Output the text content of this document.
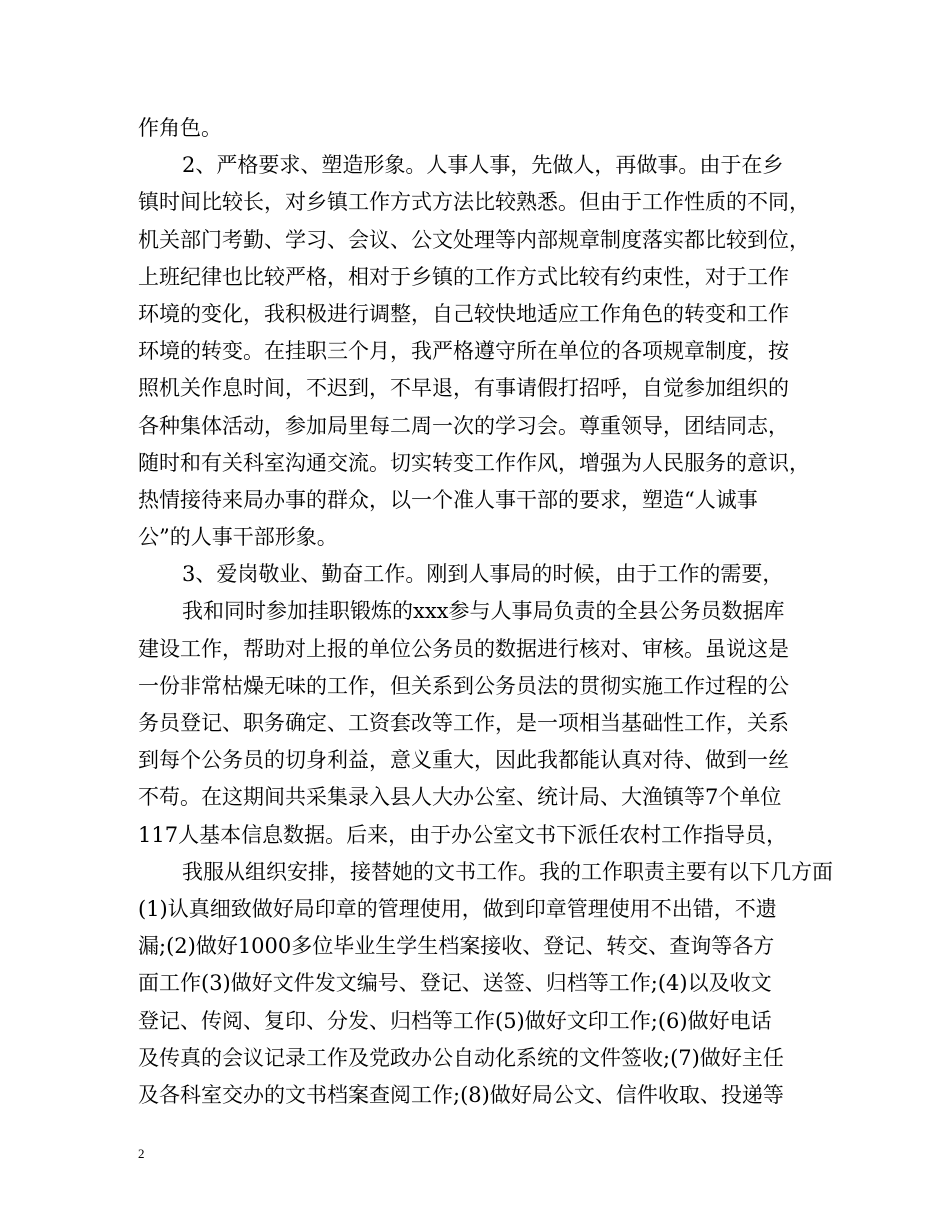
作角色。
2、严格要求、塑造形象。人事人事，先做人，再做事。由于在乡
镇时间比较长，对乡镇工作方式方法比较熟悉。但由于工作性质的不同，
机关部门考勤、学习、会议、公文处理等内部规章制度落实都比较到位，
上班纪律也比较严格，相对于乡镇的工作方式比较有约束性，对于工作
环境的变化，我积极进行调整，自己较快地适应工作角色的转变和工作
环境的转变。在挂职三个月，我严格遵守所在单位的各项规章制度，按
照机关作息时间，不迟到，不早退，有事请假打招呼，自觉参加组织的
各种集体活动，参加局里每二周一次的学习会。尊重领导，团结同志，
随时和有关科室沟通交流。切实转变工作作风，增强为人民服务的意识，
热情接待来局办事的群众，以一个准人事干部的要求，塑造“人诚事
公”的人事干部形象。
3、爱岗敬业、勤奋工作。刚到人事局的时候，由于工作的需要，
我和同时参加挂职锻炼的xxx参与人事局负责的全县公务员数据库
建设工作，帮助对上报的单位公务员的数据进行核对、审核。虽说这是
一份非常枯燥无味的工作，但关系到公务员法的贯彻实施工作过程的公
务员登记、职务确定、工资套改等工作，是一项相当基础性工作，关系
到每个公务员的切身利益，意义重大，因此我都能认真对待、做到一丝
不苟。在这期间共采集录入县人大办公室、统计局、大渔镇等7个单位
117人基本信息数据。后来，由于办公室文书下派任农村工作指导员，
我服从组织安排，接替她的文书工作。我的工作职责主要有以下几方面
(1)认真细致做好局印章的管理使用，做到印章管理使用不出错，不遗
漏;(2)做好1000多位毕业生学生档案接收、登记、转交、查询等各方
面工作(3)做好文件发文编号、登记、送签、归档等工作;(4)以及收文
登记、传阅、复印、分发、归档等工作(5)做好文印工作;(6)做好电话
及传真的会议记录工作及党政办公自动化系统的文件签收;(7)做好主任
及各科室交办的文书档案查阅工作;(8)做好局公文、信件收取、投递等
2
